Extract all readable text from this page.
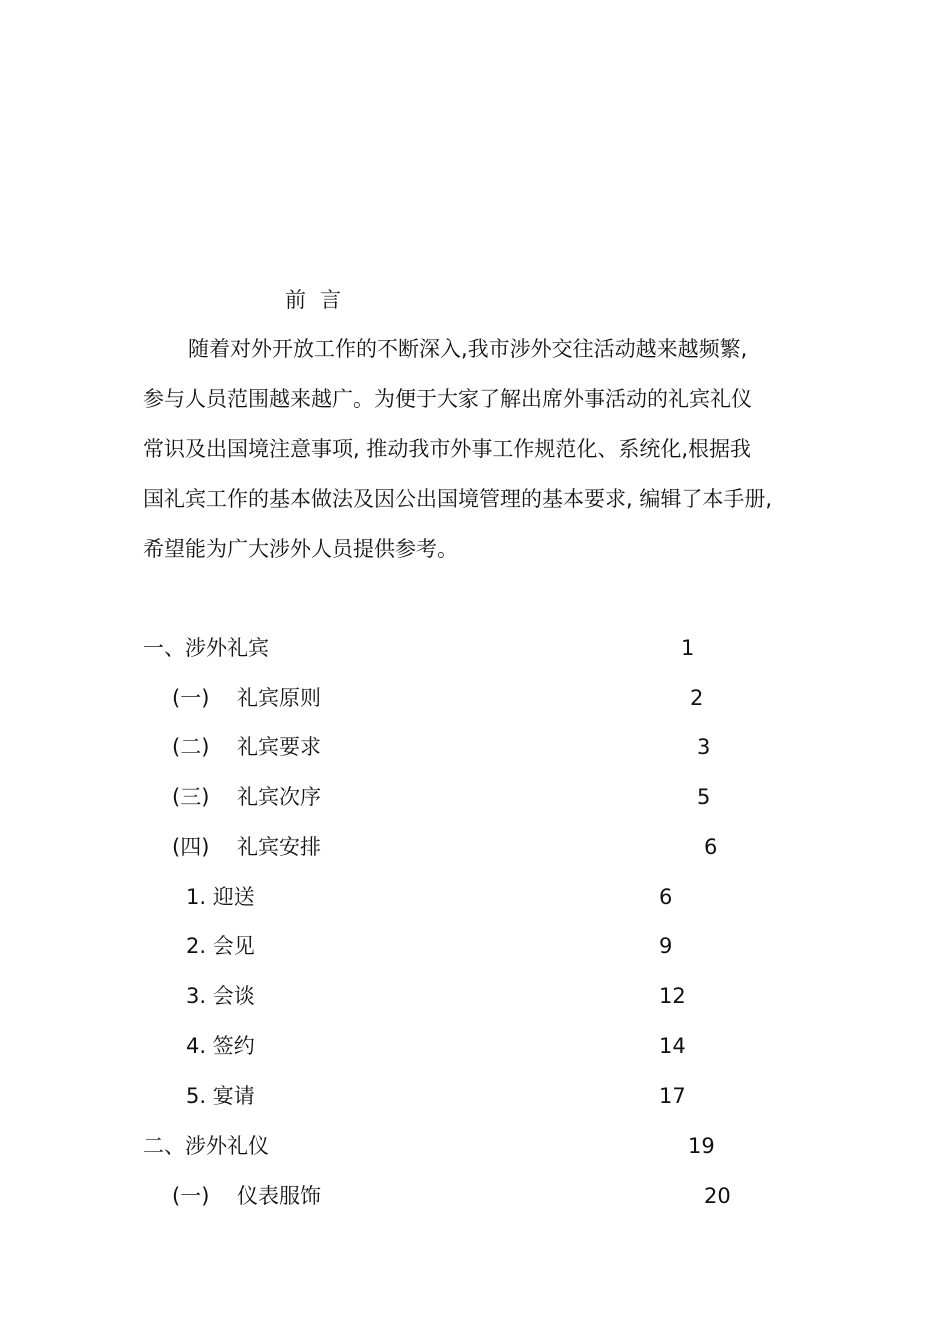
前言
随着对外开放工作的不断深入,我市涉外交往活动越来越频繁,
参与人员范围越来越广。为便于大家了解出席外事活动的礼宾礼仪
常识及出国境注意事项, 推动我市外事工作规范化、系统化,根据我
国礼宾工作的基本做法及因公出国境管理的基本要求, 编辑了本手册,
希望能为广大涉外人员提供参考。
一、涉外礼宾	1
(一)　 礼宾原则	2
(二)　 礼宾要求	3
(三)　 礼宾次序	5
(四)　 礼宾安排	6
1. 迎送	6
2. 会见	9
3. 会谈	12
4. 签约	14
5. 宴请	17
二、涉外礼仪	19
(一)　 仪表服饰	20
